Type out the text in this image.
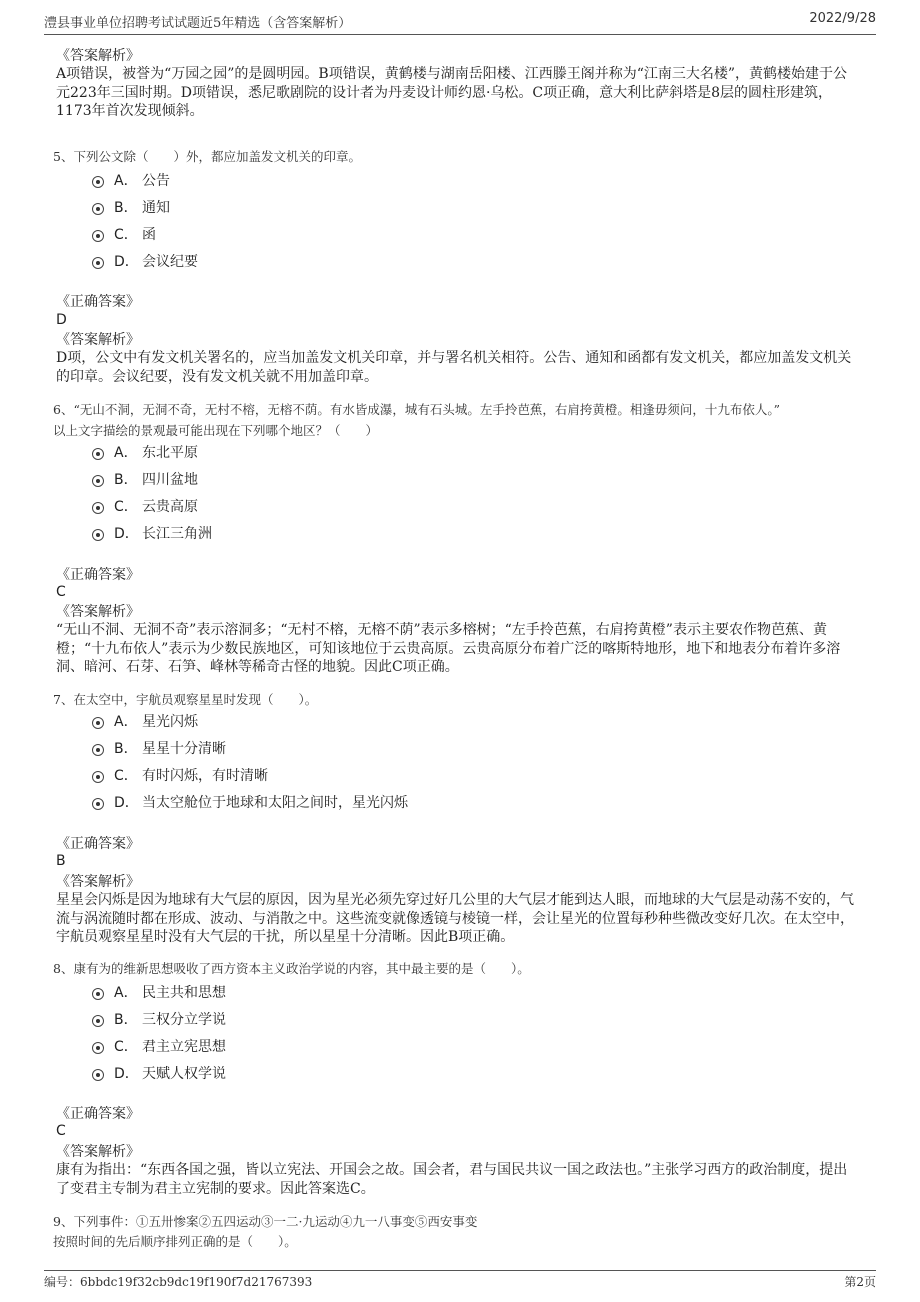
澧县事业单位招聘考试试题近5年精选（含答案解析）	2022/9/28
《答案解析》
A项错误，被誉为“万园之园”的是圆明园。B项错误，黄鹤楼与湖南岳阳楼、江西滕王阁并称为“江南三大名楼”，黄鹤楼始建于公元223年三国时期。D项错误，悉尼歌剧院的设计者为丹麦设计师约恩·乌松。C项正确，意大利比萨斜塔是8层的圆柱形建筑，1173年首次发现倾斜。
5、下列公文除（　　）外，都应加盖发文机关的印章。
A． 公告
B． 通知
C． 函
D． 会议纪要
《正确答案》
D
《答案解析》
D项，公文中有发文机关署名的，应当加盖发文机关印章，并与署名机关相符。公告、通知和函都有发文机关，都应加盖发文机关的印章。会议纪要，没有发文机关就不用加盖印章。
6、“无山不洞，无洞不奇，无村不榕，无榕不荫。有水皆成瀑，城有石头城。左手拎芭蕉，右肩挎黄橙。相逢毋须问，十九布依人。”
以上文字描绘的景观最可能出现在下列哪个地区？（　　）
A． 东北平原
B． 四川盆地
C． 云贵高原
D． 长江三角洲
《正确答案》
C
《答案解析》
“无山不洞、无洞不奇”表示溶洞多；“无村不榕，无榕不荫”表示多榕树；“左手拎芭蕉，右肩挎黄橙”表示主要农作物芭蕉、黄橙；“十九布依人”表示为少数民族地区，可知该地位于云贵高原。云贵高原分布着广泛的喀斯特地形，地下和地表分布着许多溶洞、暗河、石芽、石笋、峰林等稀奇古怪的地貌。因此C项正确。
7、在太空中，宇航员观察星星时发现（　　）。
A． 星光闪烁
B． 星星十分清晰
C． 有时闪烁，有时清晰
D． 当太空舱位于地球和太阳之间时，星光闪烁
《正确答案》
B
《答案解析》
星星会闪烁是因为地球有大气层的原因，因为星光必须先穿过好几公里的大气层才能到达人眼，而地球的大气层是动荡不安的，气流与涡流随时都在形成、波动、与消散之中。这些流变就像透镜与棱镜一样，会让星光的位置每秒种些微改变好几次。在太空中，宇航员观察星星时没有大气层的干扰，所以星星十分清晰。因此B项正确。
8、康有为的维新思想吸收了西方资本主义政治学说的内容，其中最主要的是（　　）。
A． 民主共和思想
B． 三权分立学说
C． 君主立宪思想
D． 天赋人权学说
《正确答案》
C
《答案解析》
康有为指出：“东西各国之强，皆以立宪法、开国会之故。国会者，君与国民共议一国之政法也。”主张学习西方的政治制度，提出了变君主专制为君主立宪制的要求。因此答案选C。
9、下列事件：①五卅惨案②五四运动③一二·九运动④九一八事变⑤西安事变
按照时间的先后顺序排列正确的是（　　）。
编号：6bbdc19f32cb9dc19f190f7d21767393	第2页
